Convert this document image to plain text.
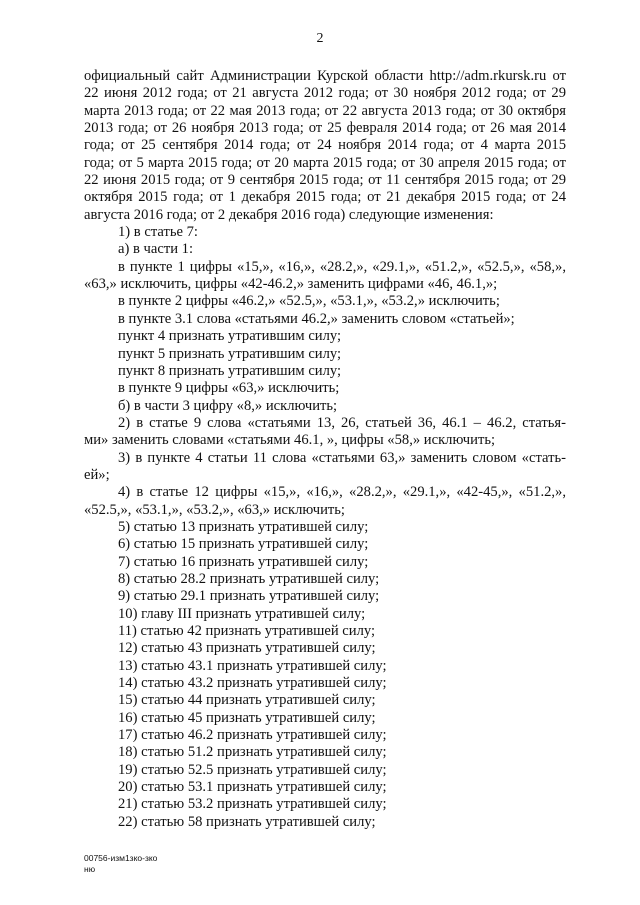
2
официальный сайт Администрации Курской области http://adm.rkursk.ru от
22 июня 2012 года; от 21 августа 2012 года; от 30 ноября 2012 года; от 29
марта 2013 года; от 22 мая 2013 года; от 22 августа 2013 года; от 30 октября
2013 года; от 26 ноября 2013 года; от 25 февраля 2014 года; от 26 мая 2014
года; от 25 сентября 2014 года; от 24 ноября 2014 года; от 4 марта 2015
года; от 5 марта 2015 года; от 20 марта 2015 года; от 30 апреля 2015 года; от
22 июня 2015 года; от 9 сентября 2015 года; от 11 сентября 2015 года; от 29
октября 2015 года; от 1 декабря 2015 года; от 21 декабря 2015 года; от 24
августа 2016 года; от 2 декабря 2016 года) следующие изменения:
1) в статье 7:
а) в части 1:
в пункте 1 цифры «15,», «16,», «28.2,», «29.1,», «51.2,», «52.5,», «58,»,
«63,» исключить, цифры «42-46.2,» заменить цифрами «46, 46.1,»;
в пункте 2 цифры «46.2,» «52.5,», «53.1,», «53.2,» исключить;
в пункте 3.1 слова «статьями 46.2,» заменить словом «статьей»;
пункт 4 признать утратившим силу;
пункт 5 признать утратившим силу;
пункт 8 признать утратившим силу;
в пункте 9 цифры «63,» исключить;
б) в части 3 цифру «8,» исключить;
2) в статье 9 слова «статьями 13, 26, статьей 36, 46.1 – 46.2, статья-
ми» заменить словами «статьями 46.1, », цифры «58,» исключить;
3) в пункте 4 статьи 11 слова «статьями 63,» заменить словом «стать-
ей»;
4) в статье 12 цифры «15,», «16,», «28.2,», «29.1,», «42-45,», «51.2,»,
«52.5,», «53.1,», «53.2,», «63,» исключить;
5) статью 13 признать утратившей силу;
6) статью 15 признать утратившей силу;
7) статью 16 признать утратившей силу;
8) статью 28.2 признать утратившей силу;
9) статью 29.1 признать утратившей силу;
10) главу III признать утратившей силу;
11) статью 42 признать утратившей силу;
12) статью 43 признать утратившей силу;
13) статью 43.1 признать утратившей силу;
14) статью 43.2 признать утратившей силу;
15) статью 44 признать утратившей силу;
16) статью 45 признать утратившей силу;
17) статью 46.2 признать утратившей силу;
18) статью 51.2 признать утратившей силу;
19) статью 52.5 признать утратившей силу;
20) статью 53.1 признать утратившей силу;
21) статью 53.2 признать утратившей силу;
22) статью 58 признать утратившей силу;
00756-изм1зко-зко
ню
